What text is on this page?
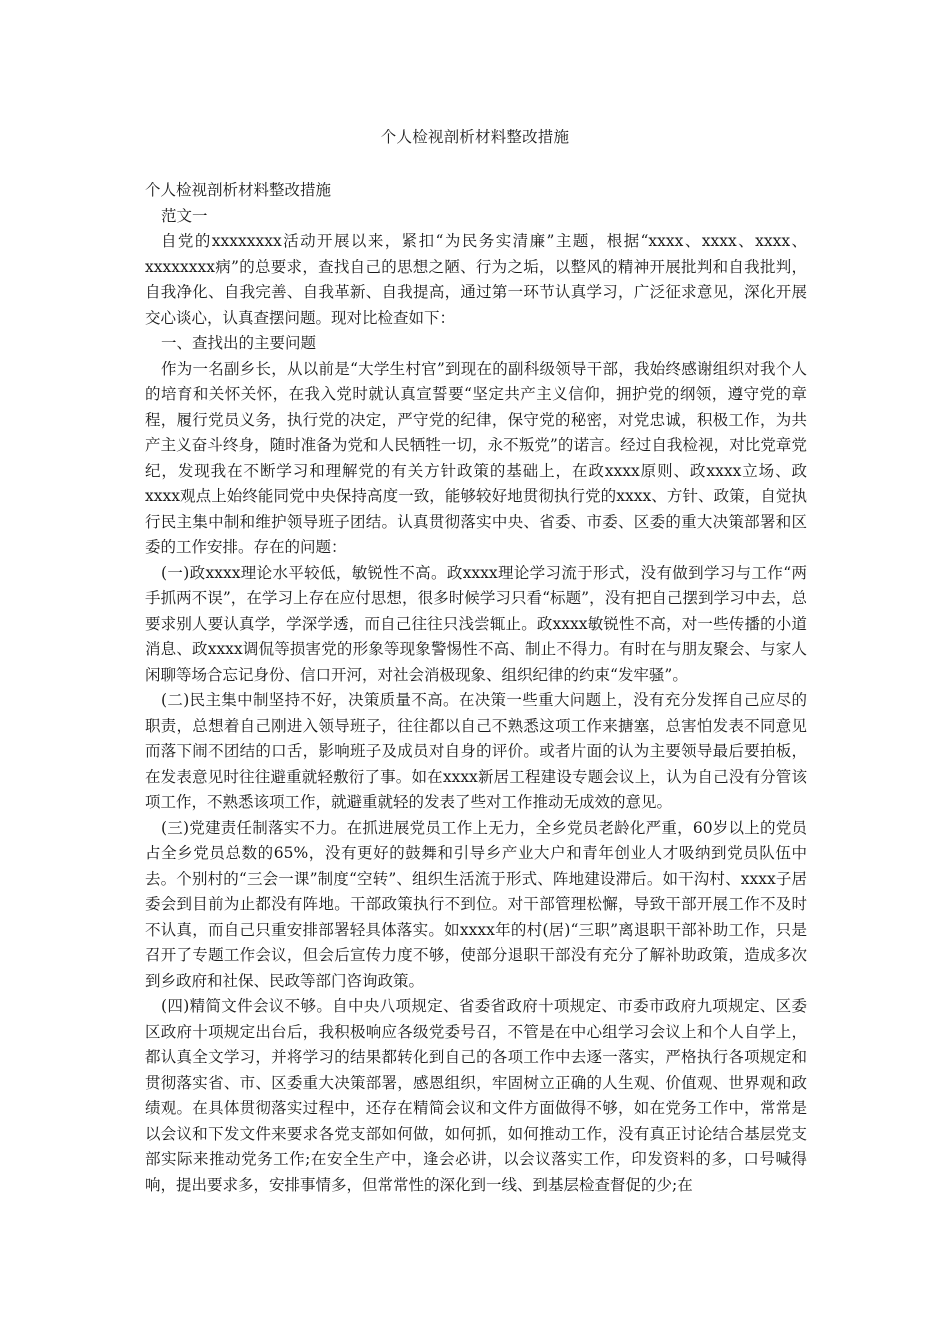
个人检视剖析材料整改措施

个人检视剖析材料整改措施

范文一

自党的xxxxxxxx活动开展以来，紧扣“为民务实清廉”主题，根据“xxxx、xxxx、xxxx、xxxxxxxx病”的总要求，查找自己的思想之陋、行为之垢，以整风的精神开展批判和自我批判，自我净化、自我完善、自我革新、自我提高，通过第一环节认真学习，广泛征求意见，深化开展交心谈心，认真查摆问题。现对比检查如下：

一、查找出的主要问题

作为一名副乡长，从以前是“大学生村官”到现在的副科级领导干部，我始终感谢组织对我个人的培育和关怀关怀，在我入党时就认真宣誓要“坚定共产主义信仰，拥护党的纲领，遵守党的章程，履行党员义务，执行党的决定，严守党的纪律，保守党的秘密，对党忠诚，积极工作，为共产主义奋斗终身，随时准备为党和人民牺牲一切，永不叛党”的诺言。经过自我检视，对比党章党纪，发现我在不断学习和理解党的有关方针政策的基础上，在政xxxx原则、政xxxx立场、政xxxx观点上始终能同党中央保持高度一致，能够较好地贯彻执行党的xxxx、方针、政策，自觉执行民主集中制和维护领导班子团结。认真贯彻落实中央、省委、市委、区委的重大决策部署和区委的工作安排。存在的问题：

(一)政xxxx理论水平较低，敏锐性不高。政xxxx理论学习流于形式，没有做到学习与工作“两手抓两不误”，在学习上存在应付思想，很多时候学习只看“标题”，没有把自己摆到学习中去，总要求别人要认真学，学深学透，而自己往往只浅尝辄止。政xxxx敏锐性不高，对一些传播的小道消息、政xxxx调侃等损害党的形象等现象警惕性不高、制止不得力。有时在与朋友聚会、与家人闲聊等场合忘记身份、信口开河，对社会消极现象、组织纪律的约束“发牢骚”。

(二)民主集中制坚持不好，决策质量不高。在决策一些重大问题上，没有充分发挥自己应尽的职责，总想着自己刚进入领导班子，往往都以自己不熟悉这项工作来搪塞，总害怕发表不同意见而落下闹不团结的口舌，影响班子及成员对自身的评价。或者片面的认为主要领导最后要拍板，在发表意见时往往避重就轻敷衍了事。如在xxxx新居工程建设专题会议上，认为自己没有分管该项工作，不熟悉该项工作，就避重就轻的发表了些对工作推动无成效的意见。

(三)党建责任制落实不力。在抓进展党员工作上无力，全乡党员老龄化严重，60岁以上的党员占全乡党员总数的65%，没有更好的鼓舞和引导乡产业大户和青年创业人才吸纳到党员队伍中去。个别村的“三会一课”制度“空转”、组织生活流于形式、阵地建设滞后。如干沟村、xxxx子居委会到目前为止都没有阵地。干部政策执行不到位。对干部管理松懈，导致干部开展工作不及时不认真，而自己只重安排部署轻具体落实。如xxxx年的村(居)“三职”离退职干部补助工作，只是召开了专题工作会议，但会后宣传力度不够，使部分退职干部没有充分了解补助政策，造成多次到乡政府和社保、民政等部门咨询政策。

(四)精简文件会议不够。自中央八项规定、省委省政府十项规定、市委市政府九项规定、区委区政府十项规定出台后，我积极响应各级党委号召，不管是在中心组学习会议上和个人自学上，都认真全文学习，并将学习的结果都转化到自己的各项工作中去逐一落实，严格执行各项规定和贯彻落实省、市、区委重大决策部署，感恩组织，牢固树立正确的人生观、价值观、世界观和政绩观。在具体贯彻落实过程中，还存在精简会议和文件方面做得不够，如在党务工作中，常常是以会议和下发文件来要求各党支部如何做，如何抓，如何推动工作，没有真正讨论结合基层党支部实际来推动党务工作;在安全生产中，逢会必讲，以会议落实工作，印发资料的多，口号喊得响，提出要求多，安排事情多，但常常性的深化到一线、到基层检查督促的少;在
